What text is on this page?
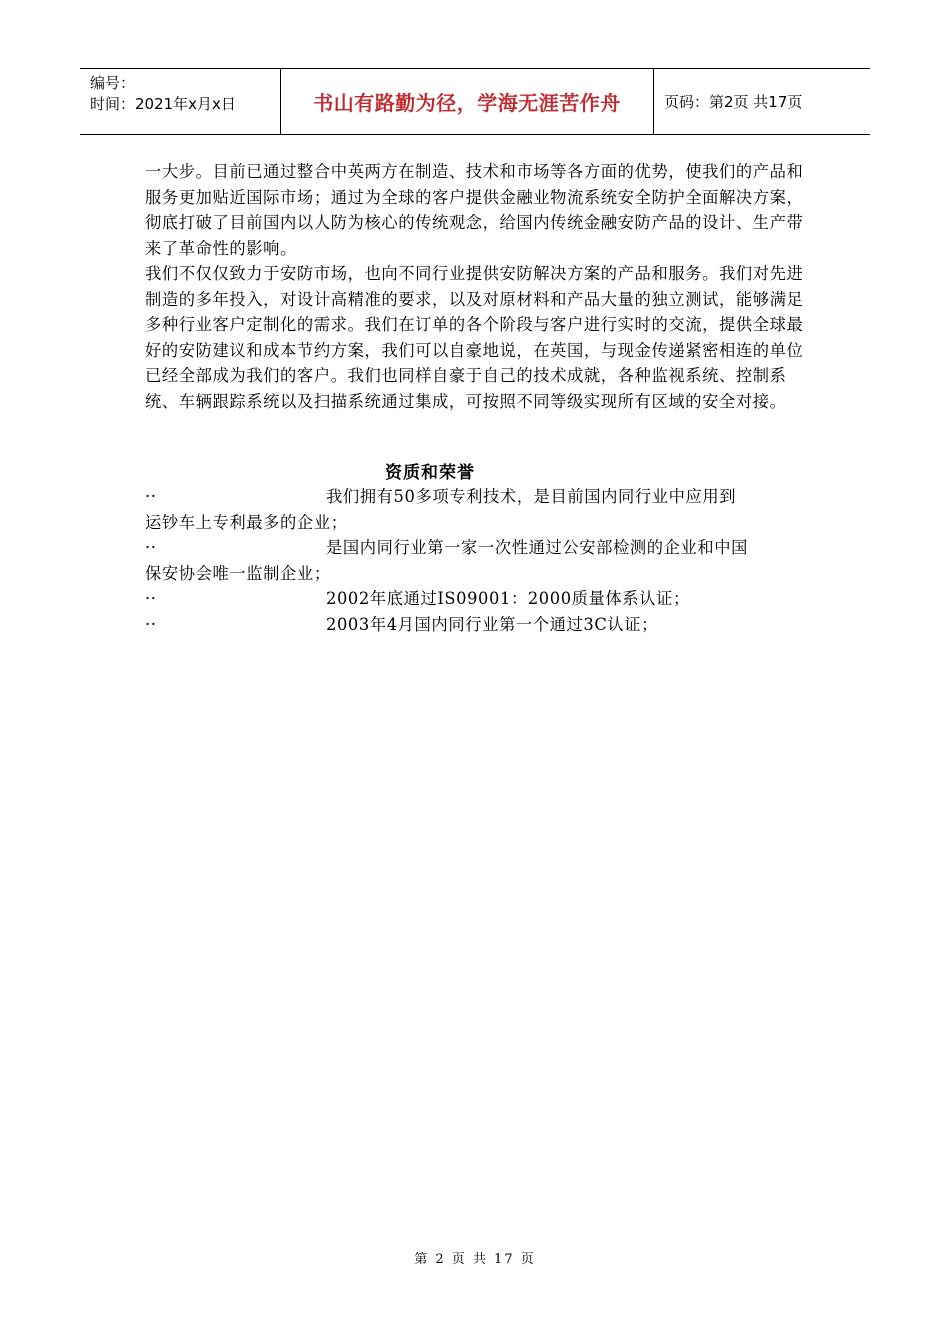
编号：
时间：2021年x月x日	书山有路勤为径，学海无涯苦作舟	页码：第2页 共17页

一大步。目前已通过整合中英两方在制造、技术和市场等各方面的优势，使我们的产品和服务更加贴近国际市场；通过为全球的客户提供金融业物流系统安全防护全面解决方案，彻底打破了目前国内以人防为核心的传统观念，给国内传统金融安防产品的设计、生产带来了革命性的影响。

我们不仅仅致力于安防市场，也向不同行业提供安防解决方案的产品和服务。我们对先进制造的多年投入，对设计高精准的要求，以及对原材料和产品大量的独立测试，能够满足多种行业客户定制化的需求。我们在订单的各个阶段与客户进行实时的交流，提供全球最好的安防建议和成本节约方案，我们可以自豪地说，在英国，与现金传递紧密相连的单位已经全部成为我们的客户。我们也同样自豪于自己的技术成就，各种监视系统、控制系统、车辆跟踪系统以及扫描系统通过集成，可按照不同等级实现所有区域的安全对接。

资质和荣誉
··	我们拥有50多项专利技术，是目前国内同行业中应用到
运钞车上专利最多的企业；
··	是国内同行业第一家一次性通过公安部检测的企业和中国
保安协会唯一监制企业；
··	2002年底通过IS09001：2000质量体系认证；
··	2003年4月国内同行业第一个通过3C认证；
第 2 页 共 17 页
